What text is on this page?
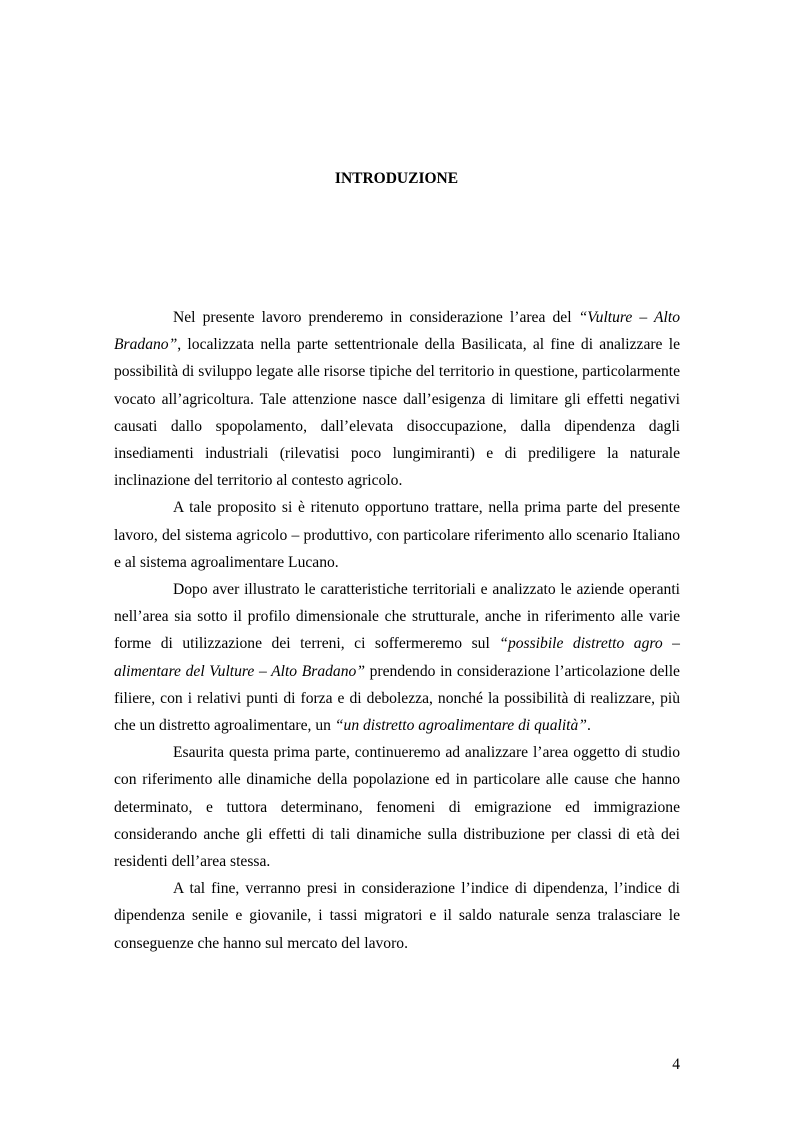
INTRODUZIONE

Nel presente lavoro prenderemo in considerazione l’area del “Vulture – Alto Bradano”, localizzata nella parte settentrionale della Basilicata, al fine di analizzare le possibilità di sviluppo legate alle risorse tipiche del territorio in questione, particolarmente vocato all’agricoltura. Tale attenzione nasce dall’esigenza di limitare gli effetti negativi causati dallo spopolamento, dall’elevata disoccupazione, dalla dipendenza dagli insediamenti industriali (rilevatisi poco lungimiranti) e di prediligere la naturale inclinazione del territorio al contesto agricolo.

A tale proposito si è ritenuto opportuno trattare, nella prima parte del presente lavoro, del sistema agricolo – produttivo, con particolare riferimento allo scenario Italiano e al sistema agroalimentare Lucano.

Dopo aver illustrato le caratteristiche territoriali e analizzato le aziende operanti nell’area sia sotto il profilo dimensionale che strutturale, anche in riferimento alle varie forme di utilizzazione dei terreni, ci soffermeremo sul “possibile distretto agro – alimentare del Vulture – Alto Bradano” prendendo in considerazione l’articolazione delle filiere, con i relativi punti di forza e di debolezza, nonché la possibilità di realizzare, più che un distretto agroalimentare, un “un distretto agroalimentare di qualità”.

Esaurita questa prima parte, continueremo ad analizzare l’area oggetto di studio con riferimento alle dinamiche della popolazione ed in particolare alle cause che hanno determinato, e tuttora determinano, fenomeni di emigrazione ed immigrazione considerando anche gli effetti di tali dinamiche sulla distribuzione per classi di età dei residenti dell’area stessa.

A tal fine, verranno presi in considerazione l’indice di dipendenza, l’indice di dipendenza senile e giovanile, i tassi migratori e il saldo naturale senza tralasciare le conseguenze che hanno sul mercato del lavoro.

4
